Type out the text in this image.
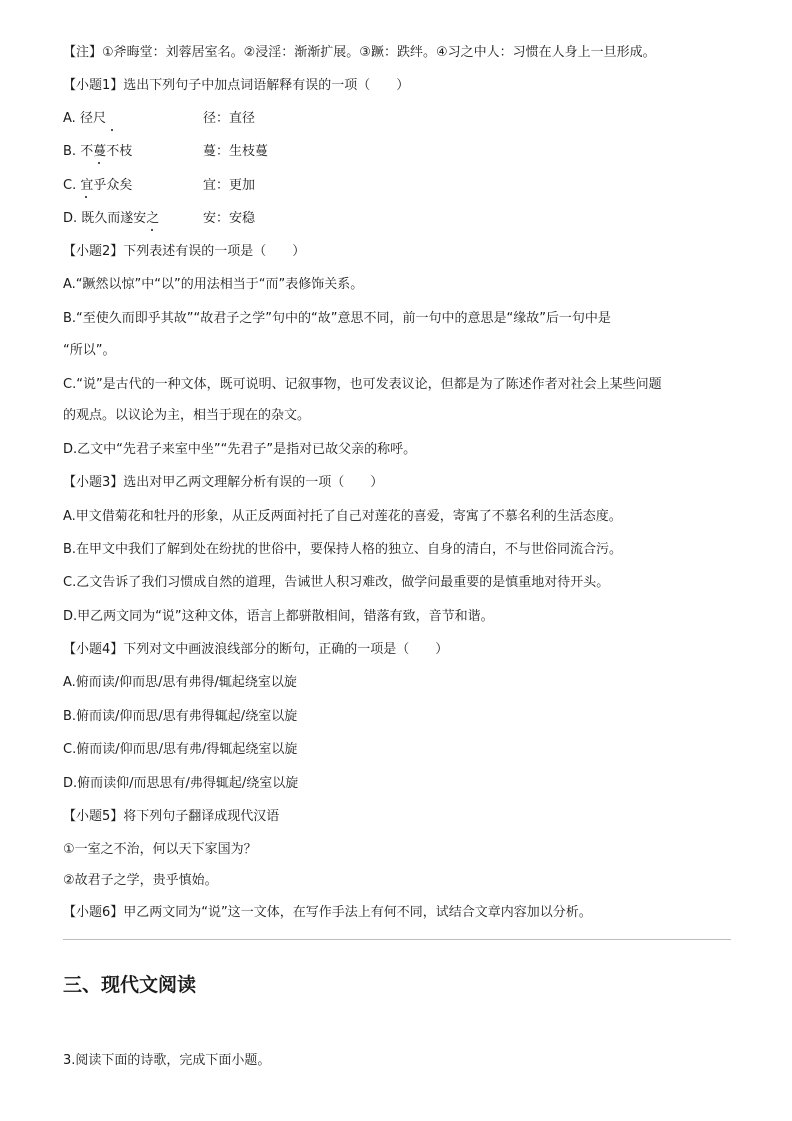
【注】①斧晦堂：刘蓉居室名。②浸淫：渐渐扩展。③蹶：跌绊。④习之中人：习惯在人身上一旦形成。
【小题1】选出下列句子中加点词语解释有误的一项（　　）
A. 径尺	径：直径
B. 不蔓不枝	蔓：生枝蔓
C. 宜乎众矣	宜：更加
D. 既久而遂安之	安：安稳
【小题2】下列表述有误的一项是（　　）
A.“蹶然以惊”中“以”的用法相当于“而”表修饰关系。
B.“至使久而即乎其故”“故君子之学”句中的“故”意思不同，前一句中的意思是“缘故”后一句中是
“所以”。
C.“说”是古代的一种文体，既可说明、记叙事物，也可发表议论，但都是为了陈述作者对社会上某些问题
的观点。以议论为主，相当于现在的杂文。
D.乙文中“先君子来室中坐”“先君子”是指对已故父亲的称呼。
【小题3】选出对甲乙两文理解分析有误的一项（　　）
A.甲文借菊花和牡丹的形象，从正反两面衬托了自己对莲花的喜爱，寄寓了不慕名利的生活态度。
B.在甲文中我们了解到处在纷扰的世俗中，要保持人格的独立、自身的清白，不与世俗同流合污。
C.乙文告诉了我们习惯成自然的道理，告诫世人积习难改，做学问最重要的是慎重地对待开头。
D.甲乙两文同为“说”这种文体，语言上都骈散相间，错落有致，音节和谐。
【小题4】下列对文中画波浪线部分的断句，正确的一项是（　　）
A.俯而读/仰而思/思有弗得/辄起绕室以旋
B.俯而读/仰而思/思有弗得辄起/绕室以旋
C.俯而读/仰而思/思有弗/得辄起绕室以旋
D.俯而读仰/而思思有/弗得辄起/绕室以旋
【小题5】将下列句子翻译成现代汉语
①一室之不治，何以天下家国为？
②故君子之学，贵乎慎始。
【小题6】甲乙两文同为“说”这一文体，在写作手法上有何不同，试结合文章内容加以分析。
三、现代文阅读
3.阅读下面的诗歌，完成下面小题。
